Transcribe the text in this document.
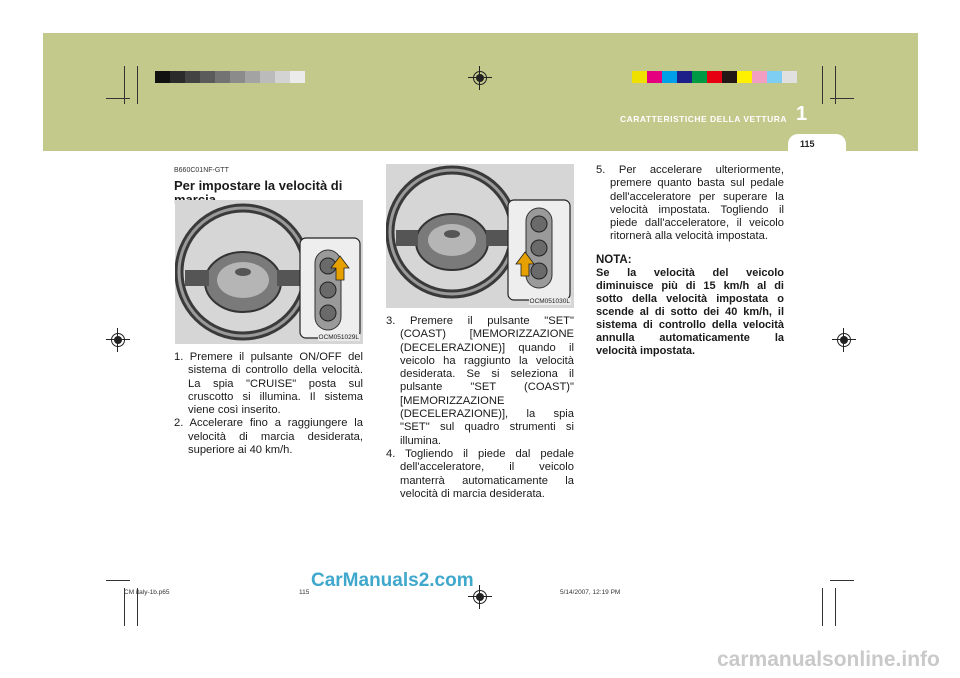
CARATTERISTICHE DELLA VETTURA 1
115
B660C01NF-GTT
Per impostare la velocità di
OCM051029L

1. Premere il pulsante ON/OFF del sistema di controllo della velocità. La spia "CRUISE" posta sul cruscotto si illumina. Il sistema viene così inserito.

2. Accelerare fino a raggiungere la velocità di marcia desiderata, superiore ai 40 km/h.

OCM051030L

3. Premere il pulsante "SET" (COAST) [MEMORIZZAZIONE (DECELERAZIONE)] quando il veicolo ha raggiunto la velocità desiderata. Se si seleziona il pulsante "SET (COAST)" [MEMORIZZAZIONE (DECELERAZIONE)], la spia "SET" sul quadro strumenti si illumina.

4. Togliendo il piede dal pedale dell'acceleratore, il veicolo manterrà automaticamente la velocità di marcia desiderata.

5. Per accelerare ulteriormente, premere quanto basta sul pedale dell'acceleratore per superare la velocità impostata. Togliendo il piede dall'acceleratore, il veicolo ritornerà alla velocità impostata.

NOTA:
Se la velocità del veicolo diminuisce più di 15 km/h al di sotto della velocità impostata o scende al di sotto dei 40 km/h, il sistema di controllo della velocità annulla automaticamente la velocità impostata.
CarManuals2.com
CM italy-1b.p65	115	5/14/2007, 12:19 PM
carmanualsonline.info
